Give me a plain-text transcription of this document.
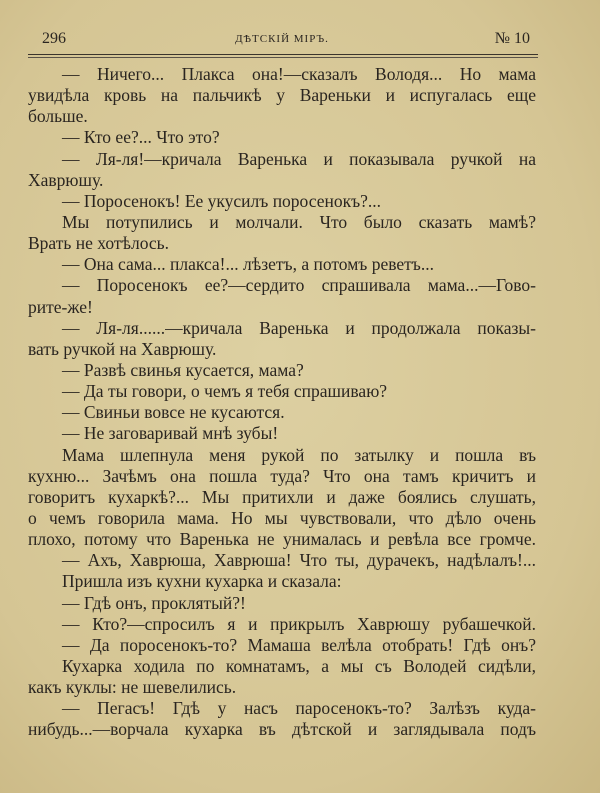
296	ДѢТСКІЙ МІРЪ.	№ 10
— Ничего... Плакса она!—сказалъ Володя... Но мама
увидѣла кровь на пальчикѣ у Вареньки и испугалась еще
больше.
— Кто ее?... Что это?
— Ля-ля!—кричала Варенька и показывала ручкой на
Хаврюшу.
— Поросенокъ! Ее укусилъ поросенокъ?...
Мы потупились и молчали. Что было сказать мамѣ?
Врать не хотѣлось.
— Она сама... плакса!... лѣзетъ, а потомъ реветъ...
— Поросенокъ ее?—сердито спрашивала мама...—Гово-
рите-же!
— Ля-ля......—кричала Варенька и продолжала показы-
вать ручкой на Хаврюшу.
— Развѣ свинья кусается, мама?
— Да ты говори, о чемъ я тебя спрашиваю?
— Свиньи вовсе не кусаются.
— Не заговаривай мнѣ зубы!
Мама шлепнула меня рукой по затылку и пошла въ
кухню... Зачѣмъ она пошла туда? Что она тамъ кричитъ и
говоритъ кухаркѣ?... Мы притихли и даже боялись слушать,
о чемъ говорила мама. Но мы чувствовали, что дѣло очень
плохо, потому что Варенька не унималась и ревѣла все громче.
— Ахъ, Хаврюша, Хаврюша! Что ты, дурачекъ, надѣлалъ!...
Пришла изъ кухни кухарка и сказала:
— Гдѣ онъ, проклятый?!
— Кто?—спросилъ я и прикрылъ Хаврюшу рубашечкой.
— Да поросенокъ-то? Мамаша велѣла отобрать! Гдѣ онъ?
Кухарка ходила по комнатамъ, а мы съ Володей сидѣли,
какъ куклы: не шевелились.
— Пегасъ! Гдѣ у насъ паросенокъ-то? Залѣзъ куда-
нибудь...—ворчала кухарка въ дѣтской и заглядывала подъ
